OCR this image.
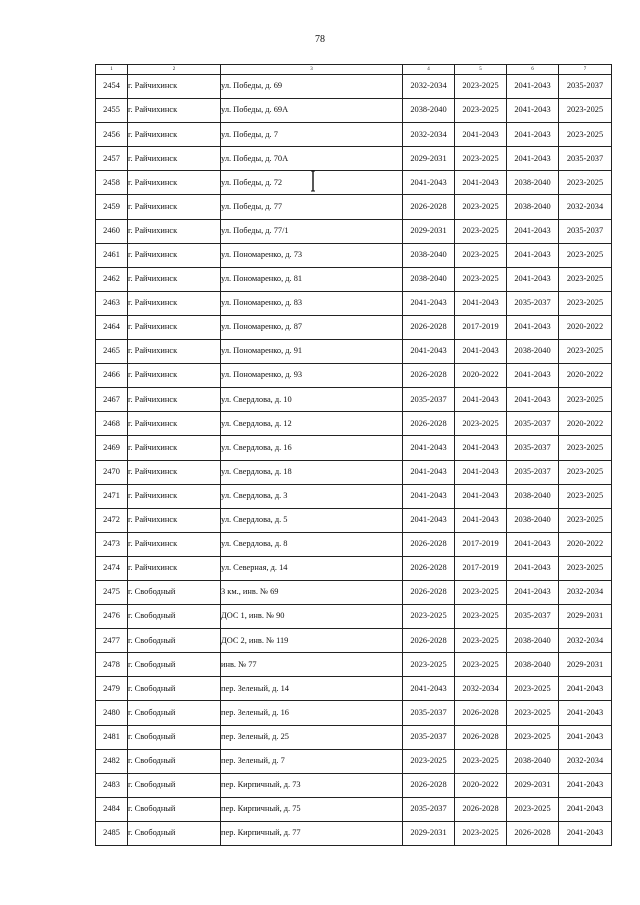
78
1	2	3	4	5	6	7
2454	г. Райчихинск	ул. Победы, д. 69	2032-2034	2023-2025	2041-2043	2035-2037
2455	г. Райчихинск	ул. Победы, д. 69А	2038-2040	2023-2025	2041-2043	2023-2025
2456	г. Райчихинск	ул. Победы, д. 7	2032-2034	2041-2043	2041-2043	2023-2025
2457	г. Райчихинск	ул. Победы, д. 70А	2029-2031	2023-2025	2041-2043	2035-2037
2458	г. Райчихинск	ул. Победы, д. 72	2041-2043	2041-2043	2038-2040	2023-2025
2459	г. Райчихинск	ул. Победы, д. 77	2026-2028	2023-2025	2038-2040	2032-2034
2460	г. Райчихинск	ул. Победы, д. 77/1	2029-2031	2023-2025	2041-2043	2035-2037
2461	г. Райчихинск	ул. Пономаренко, д. 73	2038-2040	2023-2025	2041-2043	2023-2025
2462	г. Райчихинск	ул. Пономаренко, д. 81	2038-2040	2023-2025	2041-2043	2023-2025
2463	г. Райчихинск	ул. Пономаренко, д. 83	2041-2043	2041-2043	2035-2037	2023-2025
2464	г. Райчихинск	ул. Пономаренко, д. 87	2026-2028	2017-2019	2041-2043	2020-2022
2465	г. Райчихинск	ул. Пономаренко, д. 91	2041-2043	2041-2043	2038-2040	2023-2025
2466	г. Райчихинск	ул. Пономаренко, д. 93	2026-2028	2020-2022	2041-2043	2020-2022
2467	г. Райчихинск	ул. Свердлова, д. 10	2035-2037	2041-2043	2041-2043	2023-2025
2468	г. Райчихинск	ул. Свердлова, д. 12	2026-2028	2023-2025	2035-2037	2020-2022
2469	г. Райчихинск	ул. Свердлова, д. 16	2041-2043	2041-2043	2035-2037	2023-2025
2470	г. Райчихинск	ул. Свердлова, д. 18	2041-2043	2041-2043	2035-2037	2023-2025
2471	г. Райчихинск	ул. Свердлова, д. 3	2041-2043	2041-2043	2038-2040	2023-2025
2472	г. Райчихинск	ул. Свердлова, д. 5	2041-2043	2041-2043	2038-2040	2023-2025
2473	г. Райчихинск	ул. Свердлова, д. 8	2026-2028	2017-2019	2041-2043	2020-2022
2474	г. Райчихинск	ул. Северная, д. 14	2026-2028	2017-2019	2041-2043	2023-2025
2475	г. Свободный	3 км., инв. № 69	2026-2028	2023-2025	2041-2043	2032-2034
2476	г. Свободный	ДОС 1, инв. № 90	2023-2025	2023-2025	2035-2037	2029-2031
2477	г. Свободный	ДОС 2, инв. № 119	2026-2028	2023-2025	2038-2040	2032-2034
2478	г. Свободный	инв. № 77	2023-2025	2023-2025	2038-2040	2029-2031
2479	г. Свободный	пер. Зеленый, д. 14	2041-2043	2032-2034	2023-2025	2041-2043
2480	г. Свободный	пер. Зеленый, д. 16	2035-2037	2026-2028	2023-2025	2041-2043
2481	г. Свободный	пер. Зеленый, д. 25	2035-2037	2026-2028	2023-2025	2041-2043
2482	г. Свободный	пер. Зеленый, д. 7	2023-2025	2023-2025	2038-2040	2032-2034
2483	г. Свободный	пер. Кирпичный, д. 73	2026-2028	2020-2022	2029-2031	2041-2043
2484	г. Свободный	пер. Кирпичный, д. 75	2035-2037	2026-2028	2023-2025	2041-2043
2485	г. Свободный	пер. Кирпичный, д. 77	2029-2031	2023-2025	2026-2028	2041-2043
